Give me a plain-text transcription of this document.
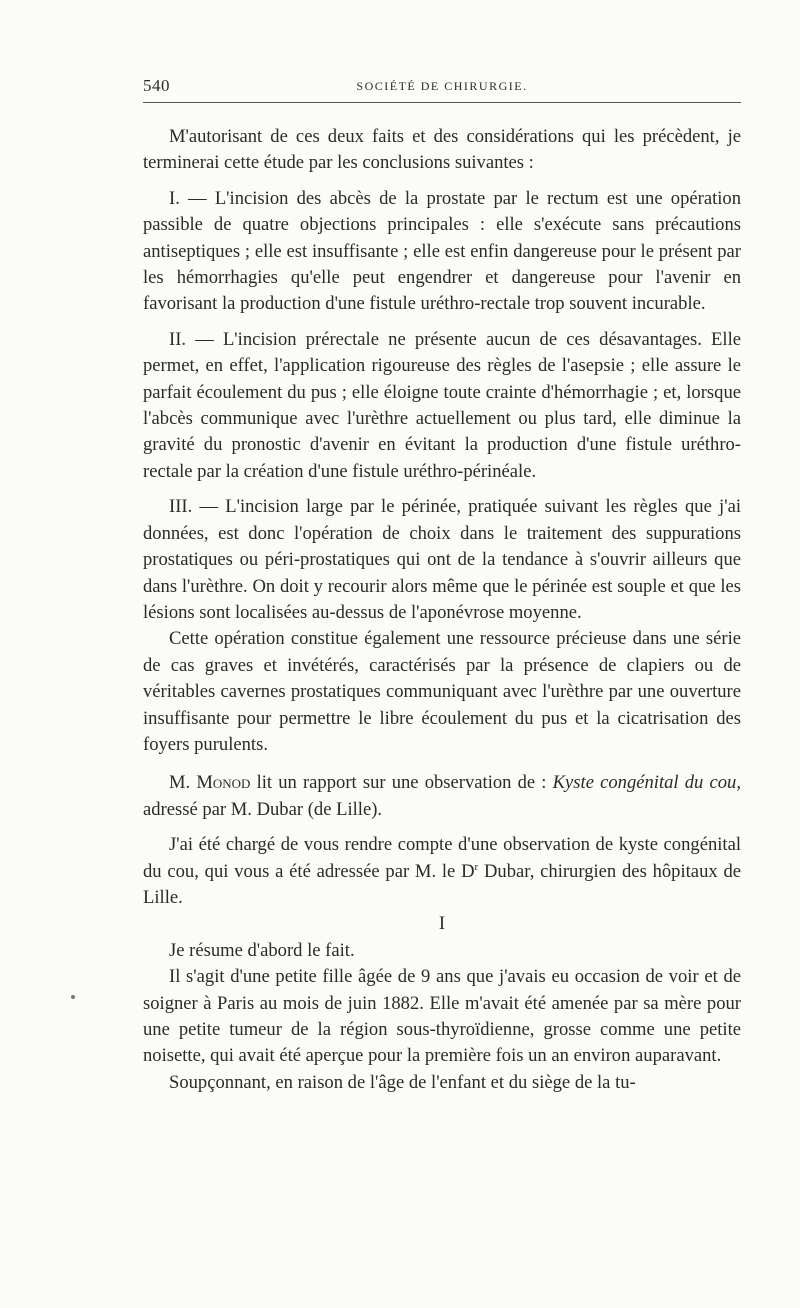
540	SOCIÉTÉ DE CHIRURGIE.

M'autorisant de ces deux faits et des considérations qui les précèdent, je terminerai cette étude par les conclusions suivantes :

I. — L'incision des abcès de la prostate par le rectum est une opération passible de quatre objections principales : elle s'exécute sans précautions antiseptiques ; elle est insuffisante ; elle est enfin dangereuse pour le présent par les hémorrhagies qu'elle peut engendrer et dangereuse pour l'avenir en favorisant la production d'une fistule uréthro-rectale trop souvent incurable.

II. — L'incision prérectale ne présente aucun de ces désavantages. Elle permet, en effet, l'application rigoureuse des règles de l'asepsie ; elle assure le parfait écoulement du pus ; elle éloigne toute crainte d'hémorrhagie ; et, lorsque l'abcès communique avec l'urèthre actuellement ou plus tard, elle diminue la gravité du pronostic d'avenir en évitant la production d'une fistule uréthro-rectale par la création d'une fistule uréthro-périnéale.

III. — L'incision large par le périnée, pratiquée suivant les règles que j'ai données, est donc l'opération de choix dans le traitement des suppurations prostatiques ou péri-prostatiques qui ont de la tendance à s'ouvrir ailleurs que dans l'urèthre. On doit y recourir alors même que le périnée est souple et que les lésions sont localisées au-dessus de l'aponévrose moyenne.

Cette opération constitue également une ressource précieuse dans une série de cas graves et invétérés, caractérisés par la présence de clapiers ou de véritables cavernes prostatiques communiquant avec l'urèthre par une ouverture insuffisante pour permettre le libre écoulement du pus et la cicatrisation des foyers purulents.

M. Monod lit un rapport sur une observation de : Kyste congénital du cou, adressé par M. Dubar (de Lille).

J'ai été chargé de vous rendre compte d'une observation de kyste congénital du cou, qui vous a été adressée par M. le $D^r$ Dubar, chirurgien des hôpitaux de Lille.

I

Je résume d'abord le fait.

Il s'agit d'une petite fille âgée de 9 ans que j'avais eu occasion de voir et de soigner à Paris au mois de juin 1882. Elle m'avait été amenée par sa mère pour une petite tumeur de la région sous-thyroïdienne, grosse comme une petite noisette, qui avait été aperçue pour la première fois un an environ auparavant.

Soupçonnant, en raison de l'âge de l'enfant et du siège de la tu-
